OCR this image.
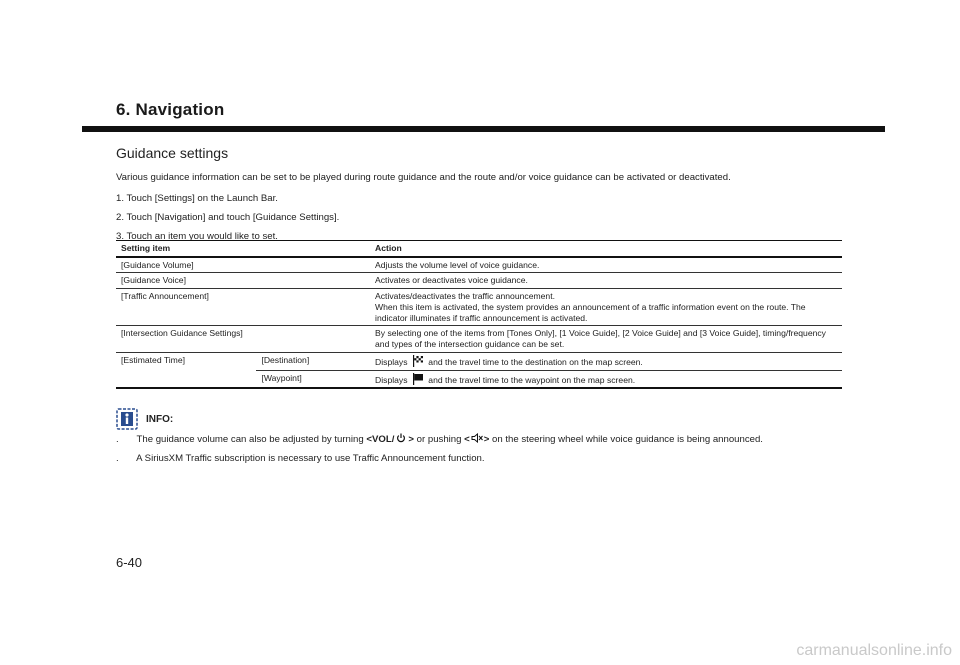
6. Navigation
Guidance settings
Various guidance information can be set to be played during route guidance and the route and/or voice guidance can be activated or deactivated.
1. Touch [Settings] on the Launch Bar.
2. Touch [Navigation] and touch [Guidance Settings].
3. Touch an item you would like to set.
Setting item		Action
[Guidance Volume]		Adjusts the volume level of voice guidance.
[Guidance Voice]		Activates or deactivates voice guidance.
[Traffic Announcement]		Activates/deactivates the traffic announcement.
When this item is activated, the system provides an announcement of a traffic information event on the route. The indicator illuminates if traffic announcement is activated.

[Intersection Guidance Settings]		By selecting one of the items from [Tones Only], [1 Voice Guide], [2 Voice Guide] and [3 Voice Guide], timing/frequency and types of the intersection guidance can be set.
[Estimated Time]	[Destination]	Displays and the travel time to the destination on the map screen.
	[Waypoint]	Displays and the travel time to the waypoint on the map screen.
INFO:
. The guidance volume can also be adjusted by turning <VOL/ > or pushing < > on the steering wheel while voice guidance is being announced.
. A SiriusXM Traffic subscription is necessary to use Traffic Announcement function.
6-40
carmanualsonline.info
